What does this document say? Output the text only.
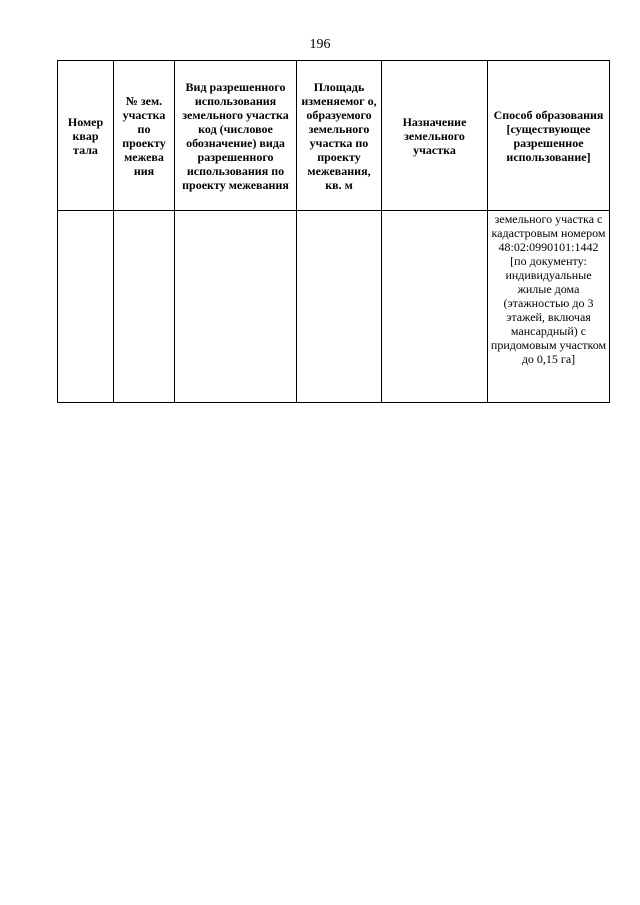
196
Номер квар тала	№ зем. участка по проекту межева ния	Вид разрешенного использования земельного участка код (числовое обозначение) вида разрешенного использования по проекту межевания	Площадь изменяемог о, образуемого земельного участка по проекту межевания, кв. м	Назначение земельного участка	Способ образования [существующее разрешенное использование]

					земельного участка с кадастровым номером 48:02:0990101:1442 [по документу: индивидуальные жилые дома (этажностью до 3 этажей, включая мансардный) с придомовым участком до 0,15 га]
